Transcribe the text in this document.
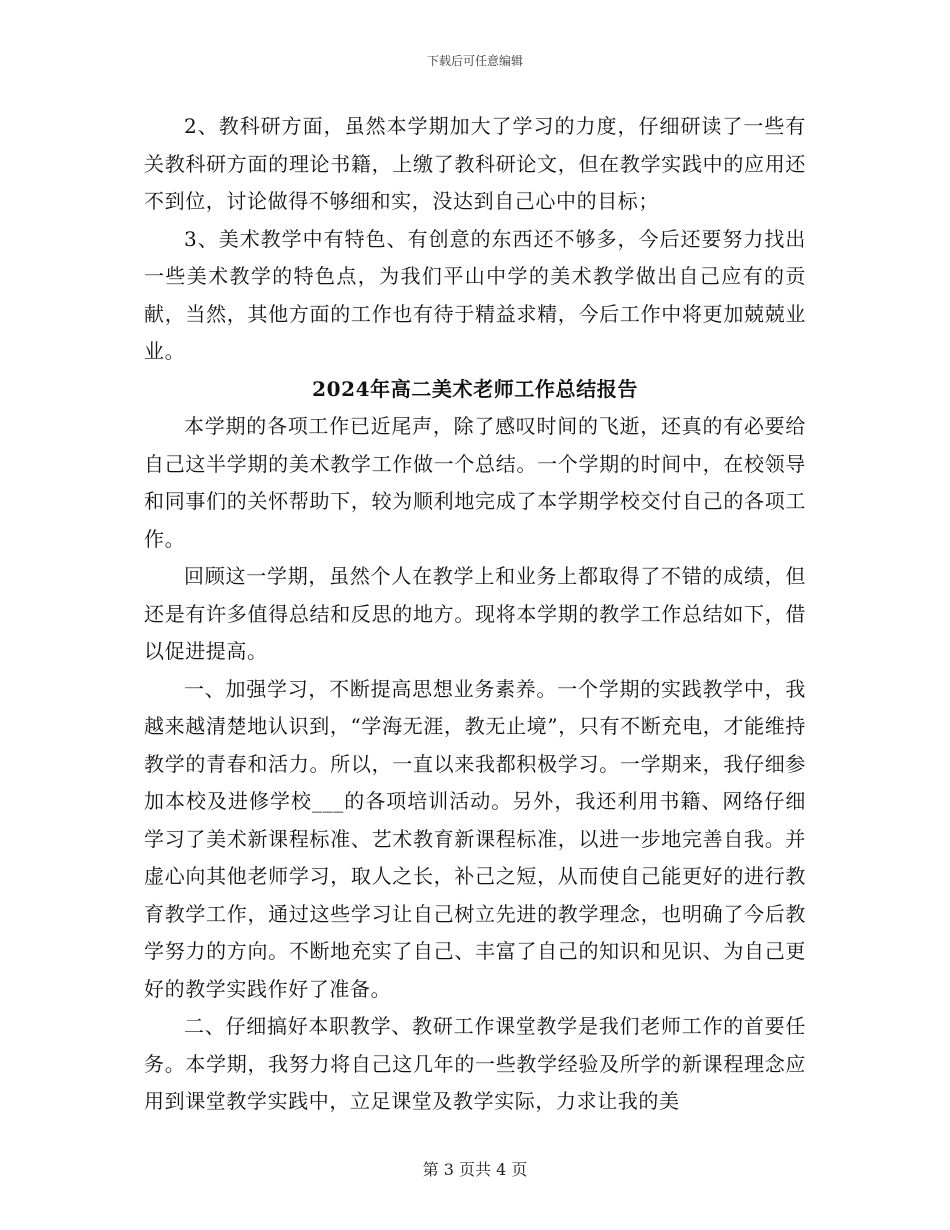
下载后可任意编辑

2、教科研方面，虽然本学期加大了学习的力度，仔细研读了一些有关教科研方面的理论书籍，上缴了教科研论文，但在教学实践中的应用还不到位，讨论做得不够细和实，没达到自己心中的目标；

3、美术教学中有特色、有创意的东西还不够多，今后还要努力找出一些美术教学的特色点，为我们平山中学的美术教学做出自己应有的贡献，当然，其他方面的工作也有待于精益求精，今后工作中将更加兢兢业业。

2024年高二美术老师工作总结报告

本学期的各项工作已近尾声，除了感叹时间的飞逝，还真的有必要给自己这半学期的美术教学工作做一个总结。一个学期的时间中，在校领导和同事们的关怀帮助下，较为顺利地完成了本学期学校交付自己的各项工作。

回顾这一学期，虽然个人在教学上和业务上都取得了不错的成绩，但还是有许多值得总结和反思的地方。现将本学期的教学工作总结如下，借以促进提高。

一、加强学习，不断提高思想业务素养。一个学期的实践教学中，我越来越清楚地认识到，“学海无涯，教无止境”，只有不断充电，才能维持教学的青春和活力。所以，一直以来我都积极学习。一学期来，我仔细参加本校及进修学校___的各项培训活动。另外，我还利用书籍、网络仔细学习了美术新课程标准、艺术教育新课程标准，以进一步地完善自我。并虚心向其他老师学习，取人之长，补己之短，从而使自己能更好的进行教育教学工作，通过这些学习让自己树立先进的教学理念，也明确了今后教学努力的方向。不断地充实了自己、丰富了自己的知识和见识、为自己更好的教学实践作好了准备。

二、仔细搞好本职教学、教研工作课堂教学是我们老师工作的首要任务。本学期，我努力将自己这几年的一些教学经验及所学的新课程理念应用到课堂教学实践中，立足课堂及教学实际，力求让我的美

第 3 页共 4 页
